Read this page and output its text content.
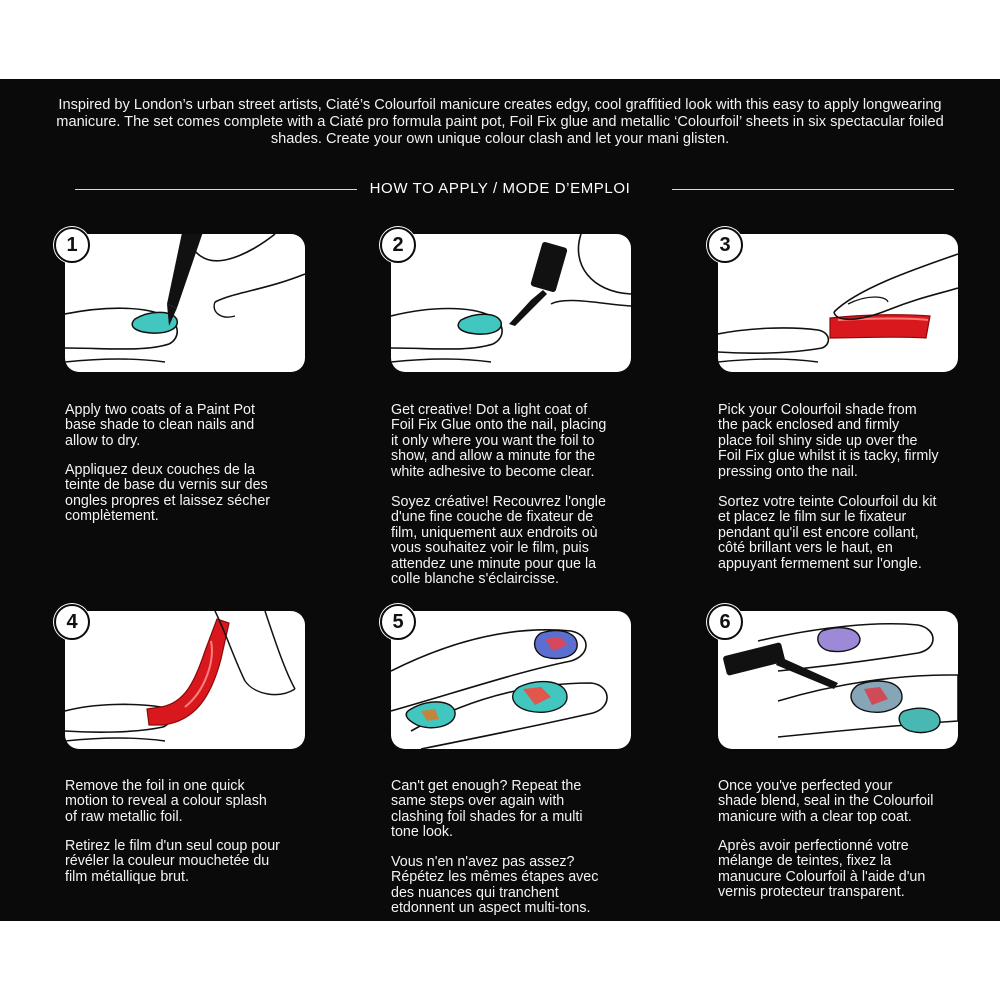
Inspired by London’s urban street artists, Ciaté’s Colourfoil manicure creates edgy, cool graffitied look with this easy to apply longwearing manicure. The set comes complete with a Ciaté pro formula paint pot, Foil Fix glue and metallic ‘Colourfoil’ sheets in six spectacular foiled shades. Create your own unique colour clash and let your mani glisten.

HOW TO APPLY / MODE D’EMPLOI
1

Apply two coats of a Paint Pot
base shade to clean nails and
allow to dry.

Appliquez deux couches de la
teinte de base du vernis sur des
ongles propres et laissez sécher
complètement.

2

Get creative! Dot a light coat of
Foil Fix Glue onto the nail, placing
it only where you want the foil to
show, and allow a minute for the
white adhesive to become clear.

Soyez créative! Recouvrez l'ongle
d'une fine couche de fixateur de
film, uniquement aux endroits où
vous souhaitez voir le film, puis
attendez une minute pour que la
colle blanche s'éclaircisse.

3

Pick your Colourfoil shade from
the pack enclosed and firmly
place foil shiny side up over the
Foil Fix glue whilst it is tacky, firmly
pressing onto the nail.

Sortez votre teinte Colourfoil du kit
et placez le film sur le fixateur
pendant qu'il est encore collant,
côté brillant vers le haut, en
appuyant fermement sur l'ongle.

4

Remove the foil in one quick
motion to reveal a colour splash
of raw metallic foil.

Retirez le film d'un seul coup pour
révéler la couleur mouchetée du
film métallique brut.

5

Can't get enough? Repeat the
same steps over again with
clashing foil shades for a multi
tone look.

Vous n'en n'avez pas assez?
Répétez les mêmes étapes avec
des nuances qui tranchent
etdonnent un aspect multi-tons.

6

Once you've perfected your
shade blend, seal in the Colourfoil
manicure with a clear top coat.

Après avoir perfectionné votre
mélange de teintes, fixez la
manucure Colourfoil à l'aide d'un
vernis protecteur transparent.
